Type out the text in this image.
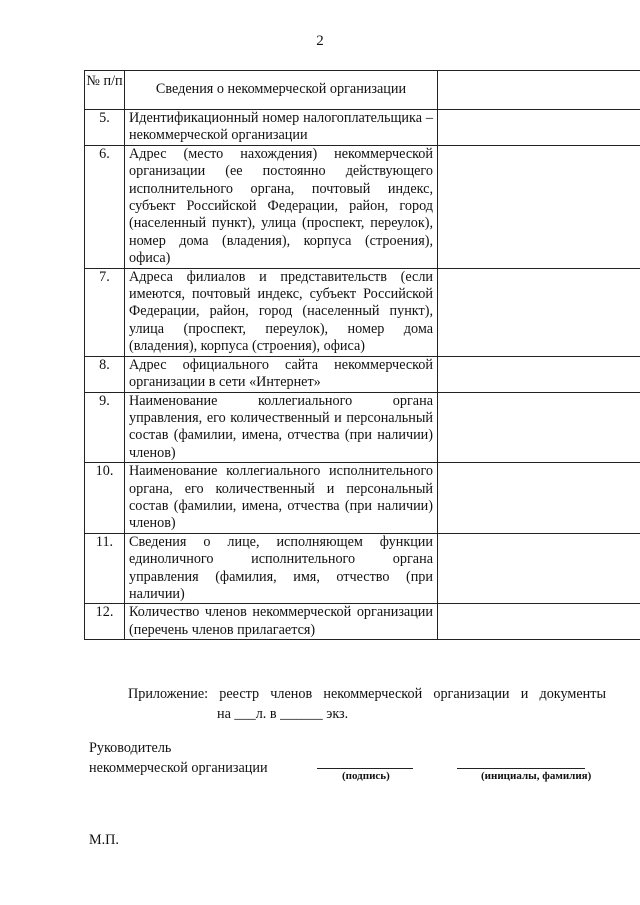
2
№ п/п	Сведения о некоммерческой организации	
5.	Идентификационный номер налогоплательщика – некоммерческой организации	
6.	Адрес (место нахождения) некоммерческой организации (ее постоянно действующего исполнительного органа, почтовый индекс, субъект Российской Федерации, район, город (населенный пункт), улица (проспект, переулок), номер дома (владения), корпуса (строения), офиса)	
7.	Адреса филиалов и представительств (если имеются, почтовый индекс, субъект Российской Федерации, район, город (населенный пункт), улица (проспект, переулок), номер дома (владения), корпуса (строения), офиса)	
8.	Адрес официального сайта некоммерческой организации в сети «Интернет»	
9.	Наименование коллегиального органа управления, его количественный и персональный состав (фамилии, имена, отчества (при наличии) членов)	
10.	Наименование коллегиального исполнительного органа, его количественный и персональный состав (фамилии, имена, отчества (при наличии) членов)	
11.	Сведения о лице, исполняющем функции единоличного исполнительного органа управления (фамилия, имя, отчество (при наличии)	
12.	Количество членов некоммерческой организации (перечень членов прилагается)	
Приложение: реестр членов некоммерческой организации и документы
на ___л. в ______ экз.
Руководитель
некоммерческой организации	(подпись)	(инициалы, фамилия)
М.П.
